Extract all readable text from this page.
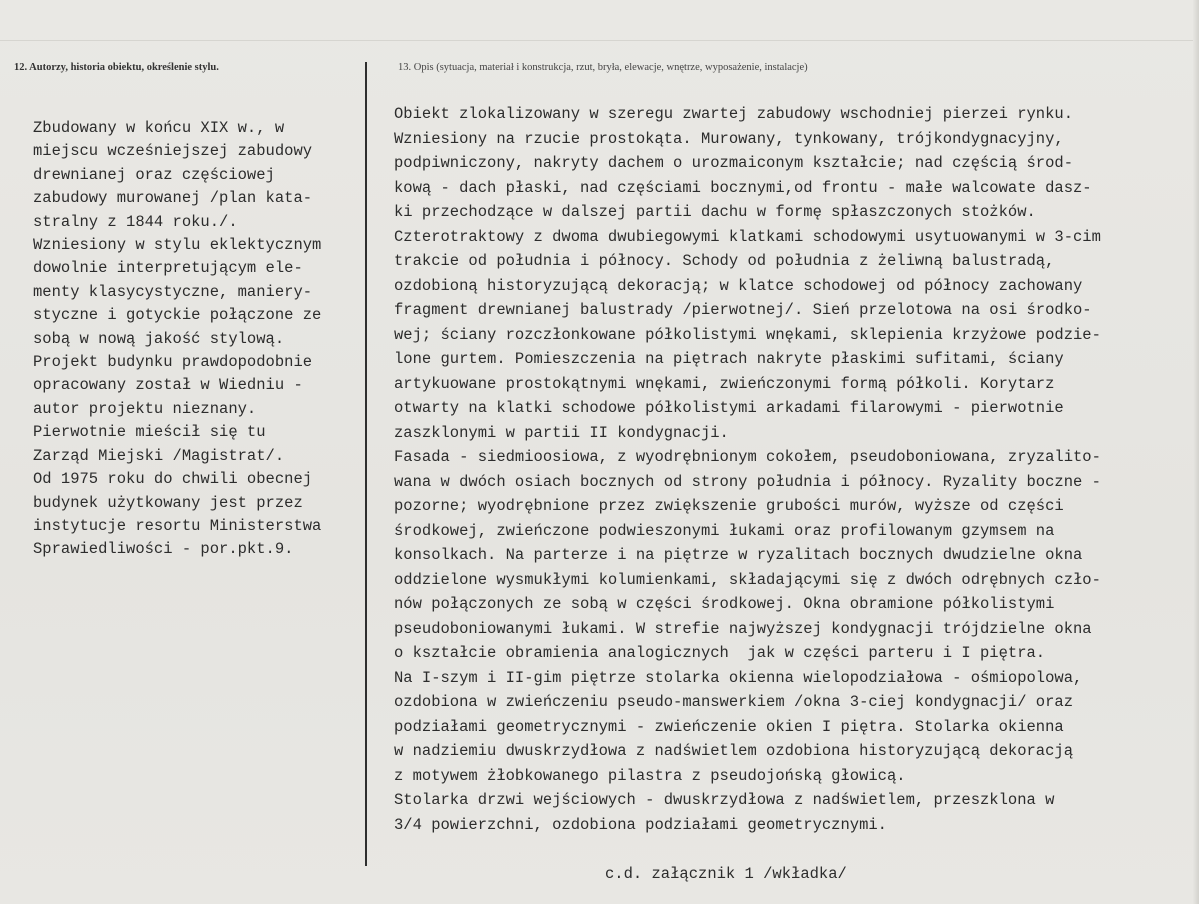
12. Autorzy, historia obiektu, określenie stylu.	13. Opis (sytuacja, materiał i konstrukcja, rzut, bryła, elewacje, wnętrze, wyposażenie, instalacje)
Zbudowany w końcu XIX w., w
miejscu wcześniejszej zabudowy
drewnianej oraz częściowej
zabudowy murowanej /plan kata-
stralny z 1844 roku./.
Wzniesiony w stylu eklektycznym
dowolnie interpretującym ele-
menty klasycystyczne, maniery-
styczne i gotyckie połączone ze
sobą w nową jakość stylową.
Projekt budynku prawdopodobnie
opracowany został w Wiedniu -
autor projektu nieznany.
Pierwotnie mieścił się tu
Zarząd Miejski /Magistrat/.
Od 1975 roku do chwili obecnej
budynek użytkowany jest przez
instytucje resortu Ministerstwa
Sprawiedliwości - por.pkt.9.
Obiekt zlokalizowany w szeregu zwartej zabudowy wschodniej pierzei rynku.
Wzniesiony na rzucie prostokąta. Murowany, tynkowany, trójkondygnacyjny,
podpiwniczony, nakryty dachem o urozmaiconym kształcie; nad częścią środ-
kową - dach płaski, nad częściami bocznymi,od frontu - małe walcowate dasz-
ki przechodzące w dalszej partii dachu w formę spłaszczonych stożków.
Czterotraktowy z dwoma dwubiegowymi klatkami schodowymi usytuowanymi w 3-cim
trakcie od południa i północy. Schody od południa z żeliwną balustradą,
ozdobioną historyzującą dekoracją; w klatce schodowej od północy zachowany
fragment drewnianej balustrady /pierwotnej/. Sień przelotowa na osi środko-
wej; ściany rozczłonkowane półkolistymi wnękami, sklepienia krzyżowe podzie-
lone gurtem. Pomieszczenia na piętrach nakryte płaskimi sufitami, ściany
artykuowane prostokątnymi wnękami, zwieńczonymi formą półkoli. Korytarz
otwarty na klatki schodowe półkolistymi arkadami filarowymi - pierwotnie
zaszklonymi w partii II kondygnacji.
Fasada - siedmioosiowa, z wyodrębnionym cokołem, pseudoboniowana, zryzalito-
wana w dwóch osiach bocznych od strony południa i północy. Ryzality boczne -
pozorne; wyodrębnione przez zwiększenie grubości murów, wyższe od części
środkowej, zwieńczone podwieszonymi łukami oraz profilowanym gzymsem na
konsolkach. Na parterze i na piętrze w ryzalitach bocznych dwudzielne okna
oddzielone wysmukłymi kolumienkami, składającymi się z dwóch odrębnych czło-
nów połączonych ze sobą w części środkowej. Okna obramione półkolistymi
pseudoboniowanymi łukami. W strefie najwyższej kondygnacji trójdzielne okna
o kształcie obramienia analogicznych  jak w części parteru i I piętra.
Na I-szym i II-gim piętrze stolarka okienna wielopodziałowa - ośmiopolowa,
ozdobiona w zwieńczeniu pseudo-manswerkiem /okna 3-ciej kondygnacji/ oraz
podziałami geometrycznymi - zwieńczenie okien I piętra. Stolarka okienna
w nadziemiu dwuskrzydłowa z nadświetlem ozdobiona historyzującą dekoracją
z motywem żłobkowanego pilastra z pseudojońską głowicą.
Stolarka drzwi wejściowych - dwuskrzydłowa z nadświetlem, przeszklona w
3/4 powierzchni, ozdobiona podziałami geometrycznymi.
c.d. załącznik 1 /wkładka/
